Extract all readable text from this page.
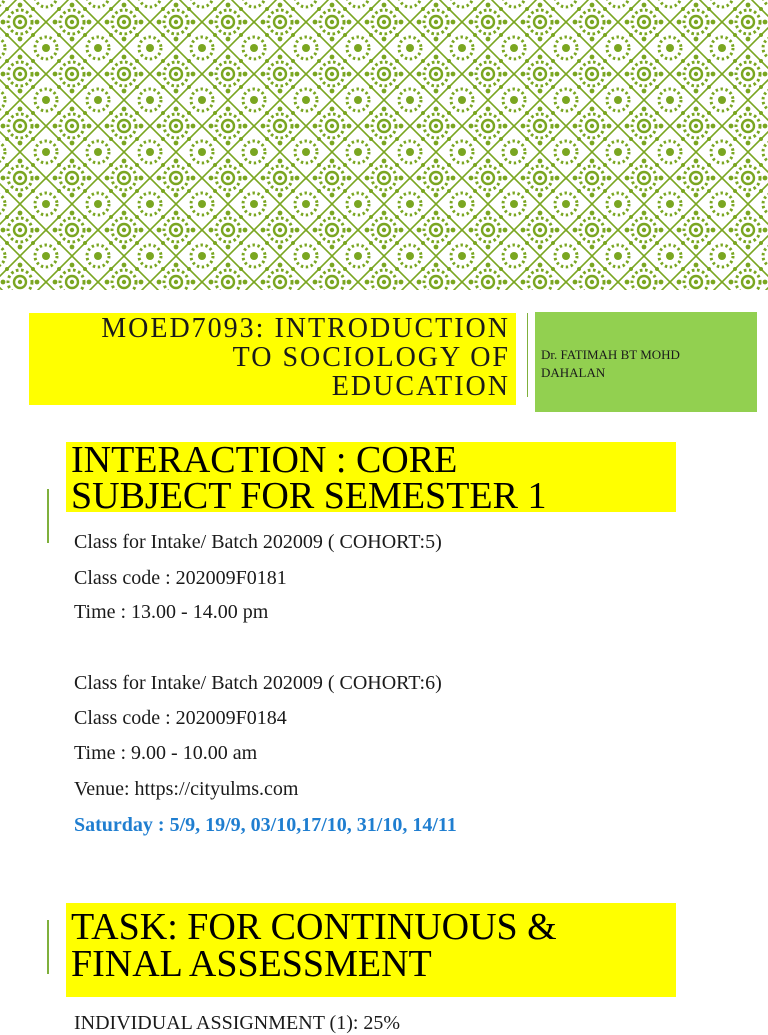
MOED7093: INTRODUCTION
TO SOCIOLOGY OF
EDUCATION
Dr. FATIMAH BT MOHD DAHALAN
INTERACTION : CORE
SUBJECT FOR SEMESTER 1
Class for Intake/ Batch 202009 ( COHORT:5)
Class code : 202009F0181
Time : 13.00 - 14.00 pm
Class for Intake/ Batch 202009 ( COHORT:6)
Class code : 202009F0184
Time : 9.00 - 10.00 am
Venue: https://cityulms.com
Saturday : 5/9, 19/9, 03/10,17/10, 31/10, 14/11
TASK: FOR CONTINUOUS &
FINAL ASSESSMENT
INDIVIDUAL ASSIGNMENT (1): 25%
